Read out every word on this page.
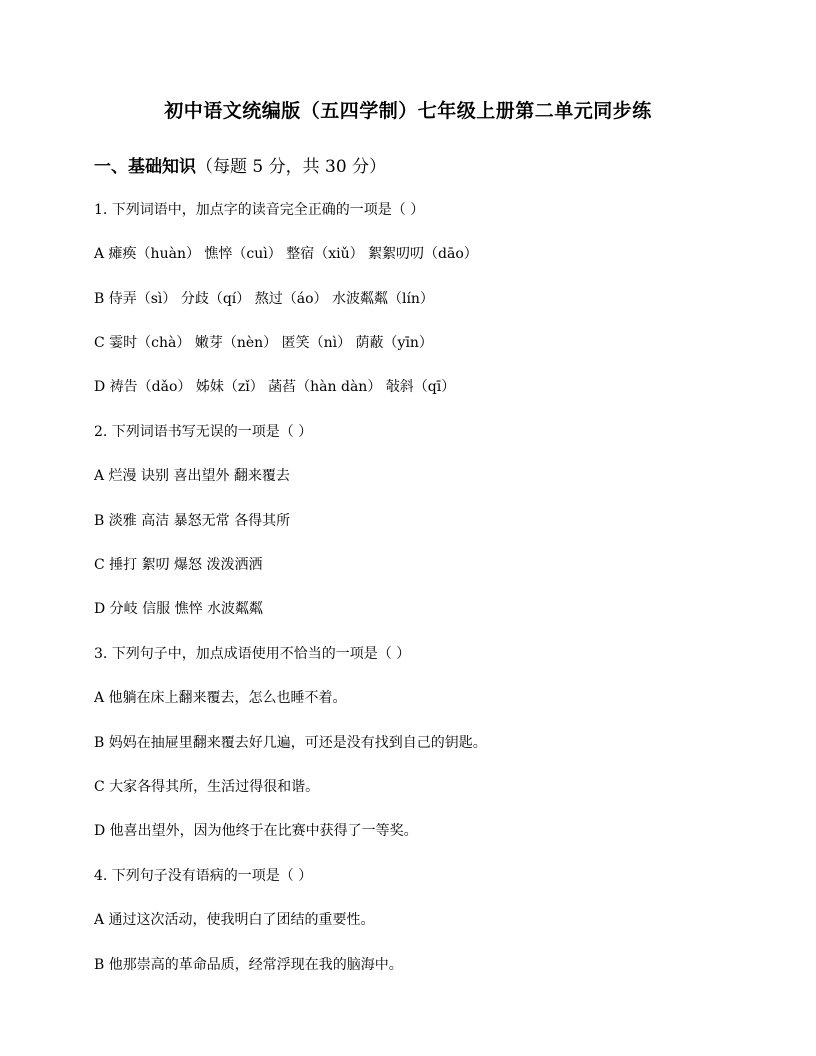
初中语文统编版（五四学制）七年级上册第二单元同步练
一、基础知识（每题 5 分，共 30 分）
1. 下列词语中，加点字的读音完全正确的一项是（ ）
A 瘫痪（huàn） 憔悴（cuì） 整宿（xiǔ） 絮絮叨叨（dāo）
B 侍弄（sì） 分歧（qí） 熬过（áo） 水波粼粼（lín）
C 霎时（chà） 嫩芽（nèn） 匿笑（nì） 荫蔽（yīn）
D 祷告（dǎo） 姊妹（zǐ） 菡萏（hàn dàn） 敧斜（qī）
2. 下列词语书写无误的一项是（ ）
A 烂漫 诀别 喜出望外 翻来覆去
B 淡雅 高洁 暴怒无常 各得其所
C 捶打 絮叨 爆怒 泼泼洒洒
D 分岐 信服 憔悴 水波粼粼
3. 下列句子中，加点成语使用不恰当的一项是（ ）
A 他躺在床上翻来覆去，怎么也睡不着。
B 妈妈在抽屉里翻来覆去好几遍，可还是没有找到自己的钥匙。
C 大家各得其所，生活过得很和谐。
D 他喜出望外，因为他终于在比赛中获得了一等奖。
4. 下列句子没有语病的一项是（ ）
A 通过这次活动，使我明白了团结的重要性。
B 他那崇高的革命品质，经常浮现在我的脑海中。
